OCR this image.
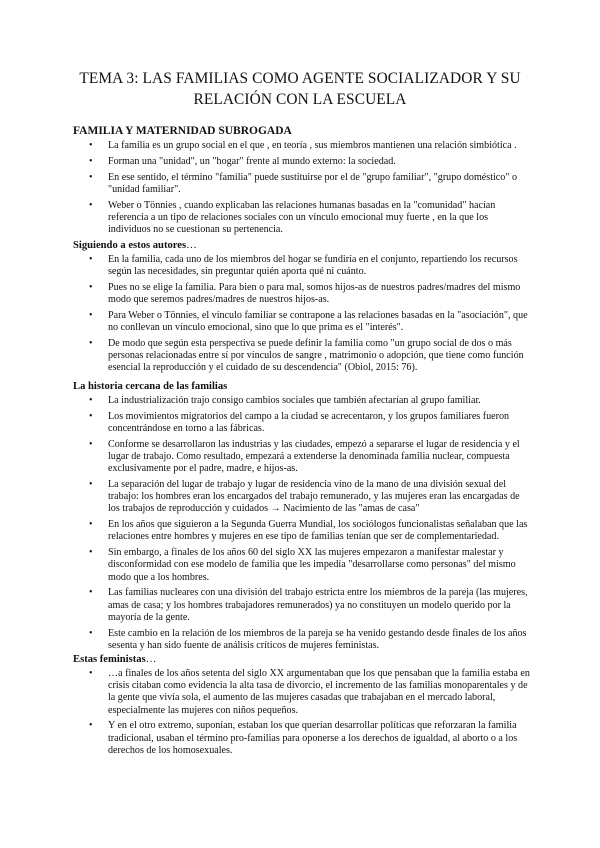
TEMA 3: LAS FAMILIAS COMO AGENTE SOCIALIZADOR Y SU
RELACIÓN CON LA ESCUELA
FAMILIA Y MATERNIDAD SUBROGADA
• La familia es un grupo social en el que , en teoría , sus miembros mantienen una relación simbiótica .
• Forman una "unidad", un "hogar" frente al mundo externo: la sociedad.
• En ese sentido, el término "familia" puede sustituirse por el de "grupo familiar", "grupo doméstico" o "unidad familiar".
• Weber o Tönnies , cuando explicaban las relaciones humanas basadas en la "comunidad" hacían referencia a un tipo de relaciones sociales con un vínculo emocional muy fuerte , en la que los individuos no se cuestionan su pertenencia.
Siguiendo a estos autores…
• En la familia, cada uno de los miembros del hogar se fundiría en el conjunto, repartiendo los recursos según las necesidades, sin preguntar quién aporta qué ni cuánto.
• Pues no se elige la familia. Para bien o para mal, somos hijos-as de nuestros padres/madres del mismo modo que seremos padres/madres de nuestros hijos-as.
• Para Weber o Tönnies, el vínculo familiar se contrapone a las relaciones basadas en la "asociación", que no conllevan un vínculo emocional, sino que lo que prima es el "interés".
• De modo que según esta perspectiva se puede definir la familia como "un grupo social de dos o más personas relacionadas entre sí por vínculos de sangre , matrimonio o adopción, que tiene como función esencial la reproducción y el cuidado de su descendencia" (Obiol, 2015: 76).
La historia cercana de las familias
• La industrialización trajo consigo cambios sociales que también afectarían al grupo familiar.
• Los movimientos migratorios del campo a la ciudad se acrecentaron, y los grupos familiares fueron concentrándose en torno a las fábricas.
• Conforme se desarrollaron las industrias y las ciudades, empezó a separarse el lugar de residencia y el lugar de trabajo. Como resultado, empezará a extenderse la denominada familia nuclear, compuesta exclusivamente por el padre, madre, e hijos-as.
• La separación del lugar de trabajo y lugar de residencia vino de la mano de una división sexual del trabajo: los hombres eran los encargados del trabajo remunerado, y las mujeres eran las encargadas de los trabajos de reproducción y cuidados → Nacimiento de las "amas de casa"
• En los años que siguieron a la Segunda Guerra Mundial, los sociólogos funcionalistas señalaban que las relaciones entre hombres y mujeres en ese tipo de familias tenían que ser de complementariedad.
• Sin embargo, a finales de los años 60 del siglo XX las mujeres empezaron a manifestar malestar y disconformidad con ese modelo de familia que les impedía "desarrollarse como personas" del mismo modo que a los hombres.
• Las familias nucleares con una división del trabajo estricta entre los miembros de la pareja (las mujeres, amas de casa; y los hombres trabajadores remunerados) ya no constituyen un modelo querido por la mayoría de la gente.
• Este cambio en la relación de los miembros de la pareja se ha venido gestando desde finales de los años sesenta y han sido fuente de análisis críticos de mujeres feministas.
Estas feministas…
• …a finales de los años setenta del siglo XX argumentaban que los que pensaban que la familia estaba en crisis citaban como evidencia la alta tasa de divorcio, el incremento de las familias monoparentales y de la gente que vivía sola, el aumento de las mujeres casadas que trabajaban en el mercado laboral, especialmente las mujeres con niños pequeños.
• Y en el otro extremo, suponían, estaban los que querían desarrollar políticas que reforzaran la familia tradicional, usaban el término pro-familias para oponerse a los derechos de igualdad, al aborto o a los derechos de los homosexuales.
